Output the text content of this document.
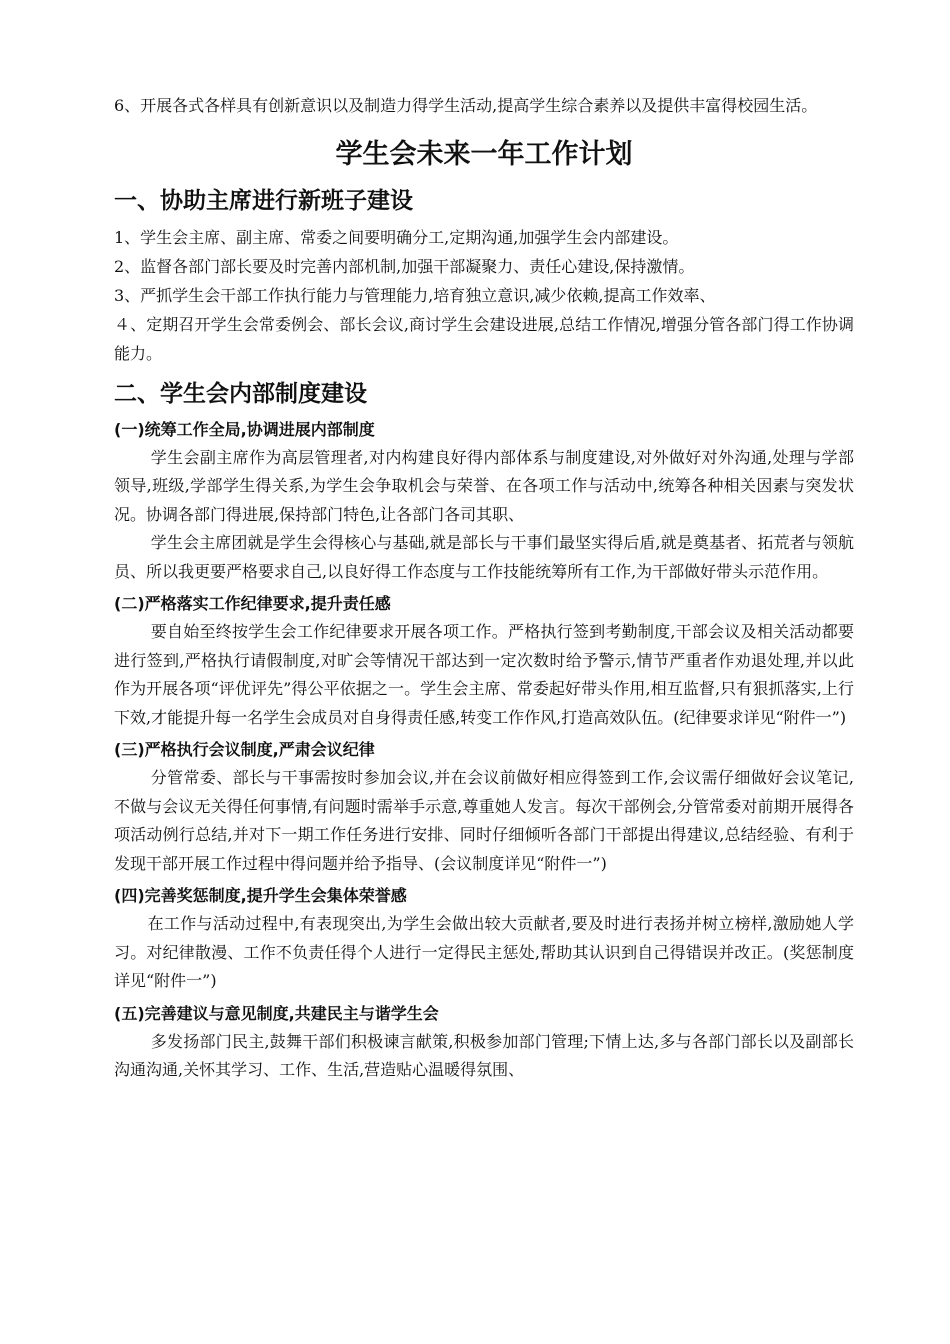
6、开展各式各样具有创新意识以及制造力得学生活动,提高学生综合素养以及提供丰富得校园生活。

学生会未来一年工作计划
一、协助主席进行新班子建设

1、学生会主席、副主席、常委之间要明确分工,定期沟通,加强学生会内部建设。

2、监督各部门部长要及时完善内部机制,加强干部凝聚力、责任心建设,保持激情。

3、严抓学生会干部工作执行能力与管理能力,培育独立意识,减少依赖,提高工作效率、

４、定期召开学生会常委例会、部长会议,商讨学生会建设进展,总结工作情况,增强分管各部门得工作协调能力。

二、学生会内部制度建设
(一)统筹工作全局,协调进展内部制度

学生会副主席作为高层管理者,对内构建良好得内部体系与制度建设,对外做好对外沟通,处理与学部领导,班级,学部学生得关系,为学生会争取机会与荣誉、在各项工作与活动中,统筹各种相关因素与突发状况。协调各部门得进展,保持部门特色,让各部门各司其职、

学生会主席团就是学生会得核心与基础,就是部长与干事们最坚实得后盾,就是奠基者、拓荒者与领航员、所以我更要严格要求自己,以良好得工作态度与工作技能统筹所有工作,为干部做好带头示范作用。

(二)严格落实工作纪律要求,提升责任感

要自始至终按学生会工作纪律要求开展各项工作。严格执行签到考勤制度,干部会议及相关活动都要进行签到,严格执行请假制度,对旷会等情况干部达到一定次数时给予警示,情节严重者作劝退处理,并以此作为开展各项“评优评先”得公平依据之一。学生会主席、常委起好带头作用,相互监督,只有狠抓落实,上行下效,才能提升每一名学生会成员对自身得责任感,转变工作作风,打造高效队伍。(纪律要求详见“附件一”)

(三)严格执行会议制度,严肃会议纪律

分管常委、部长与干事需按时参加会议,并在会议前做好相应得签到工作,会议需仔细做好会议笔记,不做与会议无关得任何事情,有问题时需举手示意,尊重她人发言。每次干部例会,分管常委对前期开展得各项活动例行总结,并对下一期工作任务进行安排、同时仔细倾听各部门干部提出得建议,总结经验、有利于发现干部开展工作过程中得问题并给予指导、(会议制度详见“附件一”)

(四)完善奖惩制度,提升学生会集体荣誉感

在工作与活动过程中,有表现突出,为学生会做出较大贡献者,要及时进行表扬并树立榜样,激励她人学习。对纪律散漫、工作不负责任得个人进行一定得民主惩处,帮助其认识到自己得错误并改正。(奖惩制度详见“附件一”)

(五)完善建议与意见制度,共建民主与谐学生会

多发扬部门民主,鼓舞干部们积极谏言献策,积极参加部门管理;下情上达,多与各部门部长以及副部长沟通沟通,关怀其学习、工作、生活,营造贴心温暖得氛围、
